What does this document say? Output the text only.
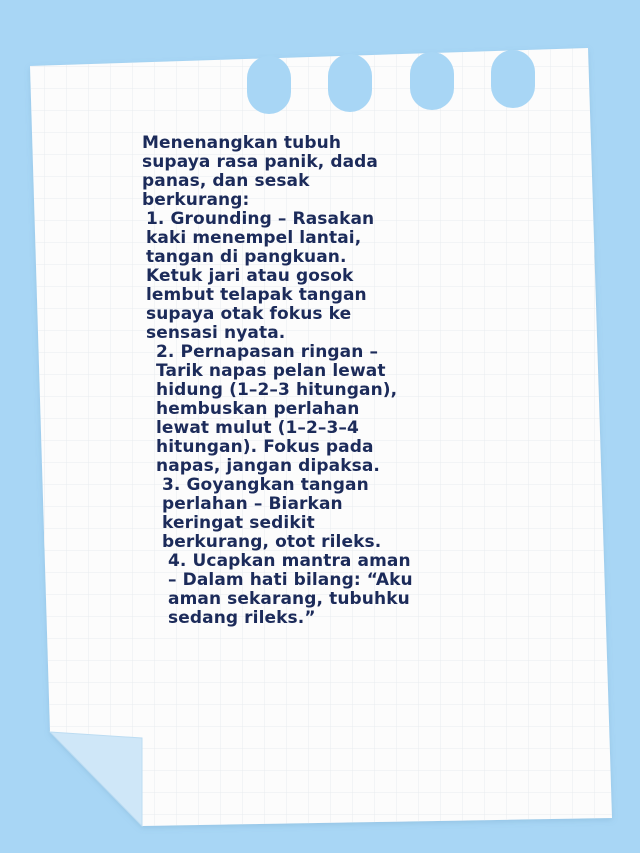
Menenangkan tubuh
supaya rasa panik, dada
panas, dan sesak
berkurang:

1. Grounding – Rasakan
kaki menempel lantai,
tangan di pangkuan.
Ketuk jari atau gosok
lembut telapak tangan
supaya otak fokus ke
sensasi nyata.

2. Pernapasan ringan –
Tarik napas pelan lewat
hidung (1–2–3 hitungan),
hembuskan perlahan
lewat mulut (1–2–3–4
hitungan). Fokus pada
napas, jangan dipaksa.

3. Goyangkan tangan
perlahan – Biarkan
keringat sedikit
berkurang, otot rileks.

4. Ucapkan mantra aman
– Dalam hati bilang: “Aku
aman sekarang, tubuhku
sedang rileks.”
